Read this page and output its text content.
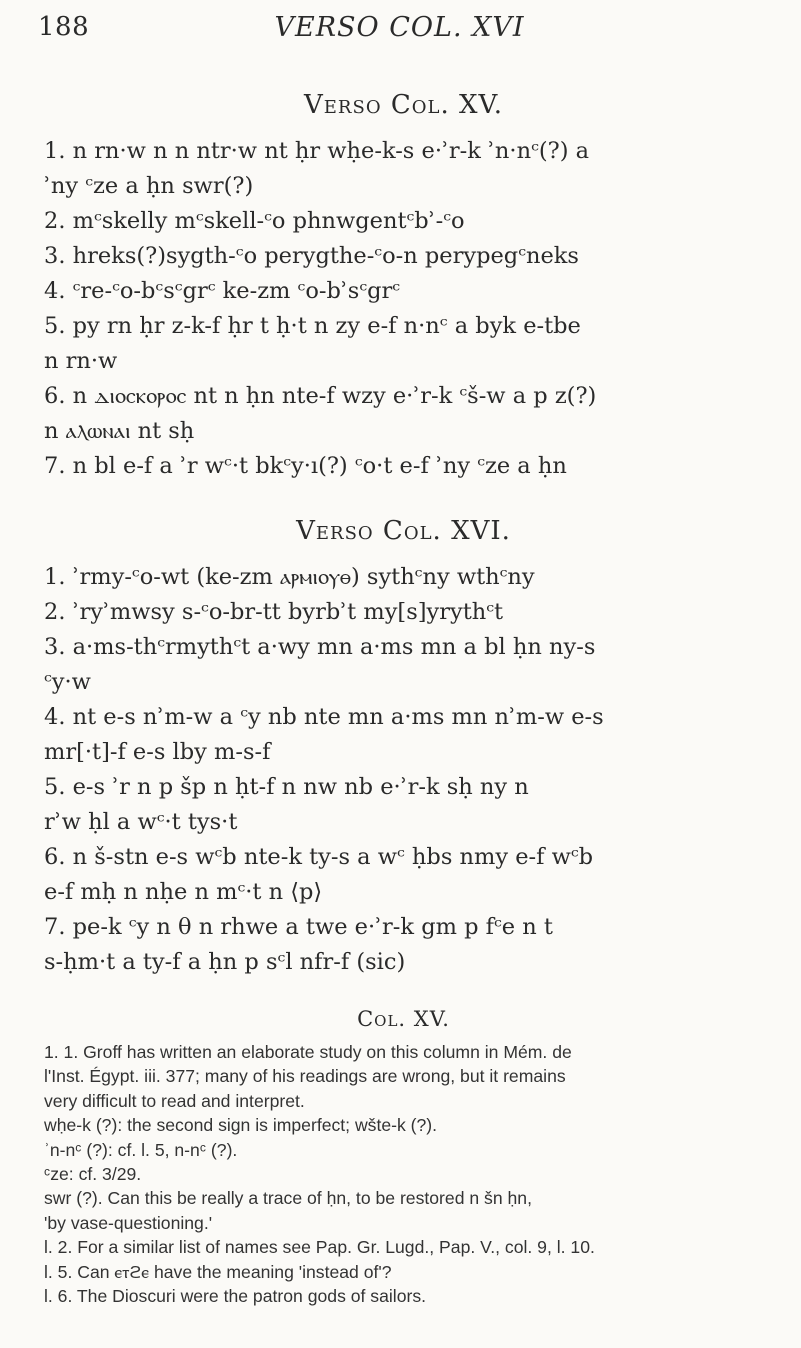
188	VERSO COL. XVI
Verso Col. XV.

1. n rn·w n n ntr·w nt ḥr wḥe-k-s e·ʾr-k ʾn·nᶜ(?) a

ʾny ᶜze a ḥn swr(?)

2. mᶜskelly mᶜskell-ᶜo phnwgentᶜbʾ-ᶜo

3. hreks(?)sygth-ᶜo perygthe-ᶜo-n perypegᶜneks

4. ᶜre-ᶜo-bᶜsᶜgrᶜ ke-zm ᶜo-bʾsᶜgrᶜ

5. py rn ḥr z-k-f ḥr t ḥ·t n zy e-f n·nᶜ a byk e-tbe

n rn·w

6. n ⲇⲓⲟⲥⲕⲟⲣⲟⲥ nt n ḥn nte-f wzy e·ʾr-k ᶜš-w a p z(?)

n ⲁⲗⲱⲛⲁⲓ nt sḥ

7. n bl e-f a ʾr wᶜ·t bkᶜy·ı(?) ᶜo·t e-f ʾny ᶜze a ḥn

Verso Col. XVI.

1. ʾrmy-ᶜo-wt (ke-zm ⲁⲣⲙⲓⲟⲩⲑ) sythᶜny wthᶜny

2. ʾryʾmwsy s-ᶜo-br-tt byrbʾt my[s]yrythᶜt

3. a·ms-thᶜrmythᶜt a·wy mn a·ms mn a bl ḥn ny-s

ᶜy·w

4. nt e-s nʾm-w a ᶜy nb nte mn a·ms mn nʾm-w e-s

mr[·t]-f e-s lby m-s-f

5. e-s ʾr n p šp n ḥt-f n nw nb e·ʾr-k sḥ ny n

rʾw ḥl a wᶜ·t tys·t

6. n š-stn e-s wᶜb nte-k ty-s a wᶜ ḥbs nmy e-f wᶜb

e-f mḥ n nḥe n mᶜ·t n ⟨p⟩

7. pe-k ᶜy n θ n rhwe a twe e·ʾr-k gm p fᶜe n t

s-ḥm·t a ty-f a ḥn p sᶜl nfr-f (sic)

Col. XV.

1. 1. Groff has written an elaborate study on this column in Mém. de

l'Inst. Égypt. iii. 377; many of his readings are wrong, but it remains

very difficult to read and interpret.

wḥe-k (?): the second sign is imperfect; wšte-k (?).

ʾn-nᶜ (?): cf. l. 5, n-nᶜ (?).

ᶜze: cf. 3/29.

swr (?). Can this be really a trace of ḥn, to be restored n šn ḥn,

'by vase-questioning.'

l. 2. For a similar list of names see Pap. Gr. Lugd., Pap. V., col. 9, l. 10.

l. 5. Can ⲉⲧϩⲉ have the meaning 'instead of'?

l. 6. The Dioscuri were the patron gods of sailors.
